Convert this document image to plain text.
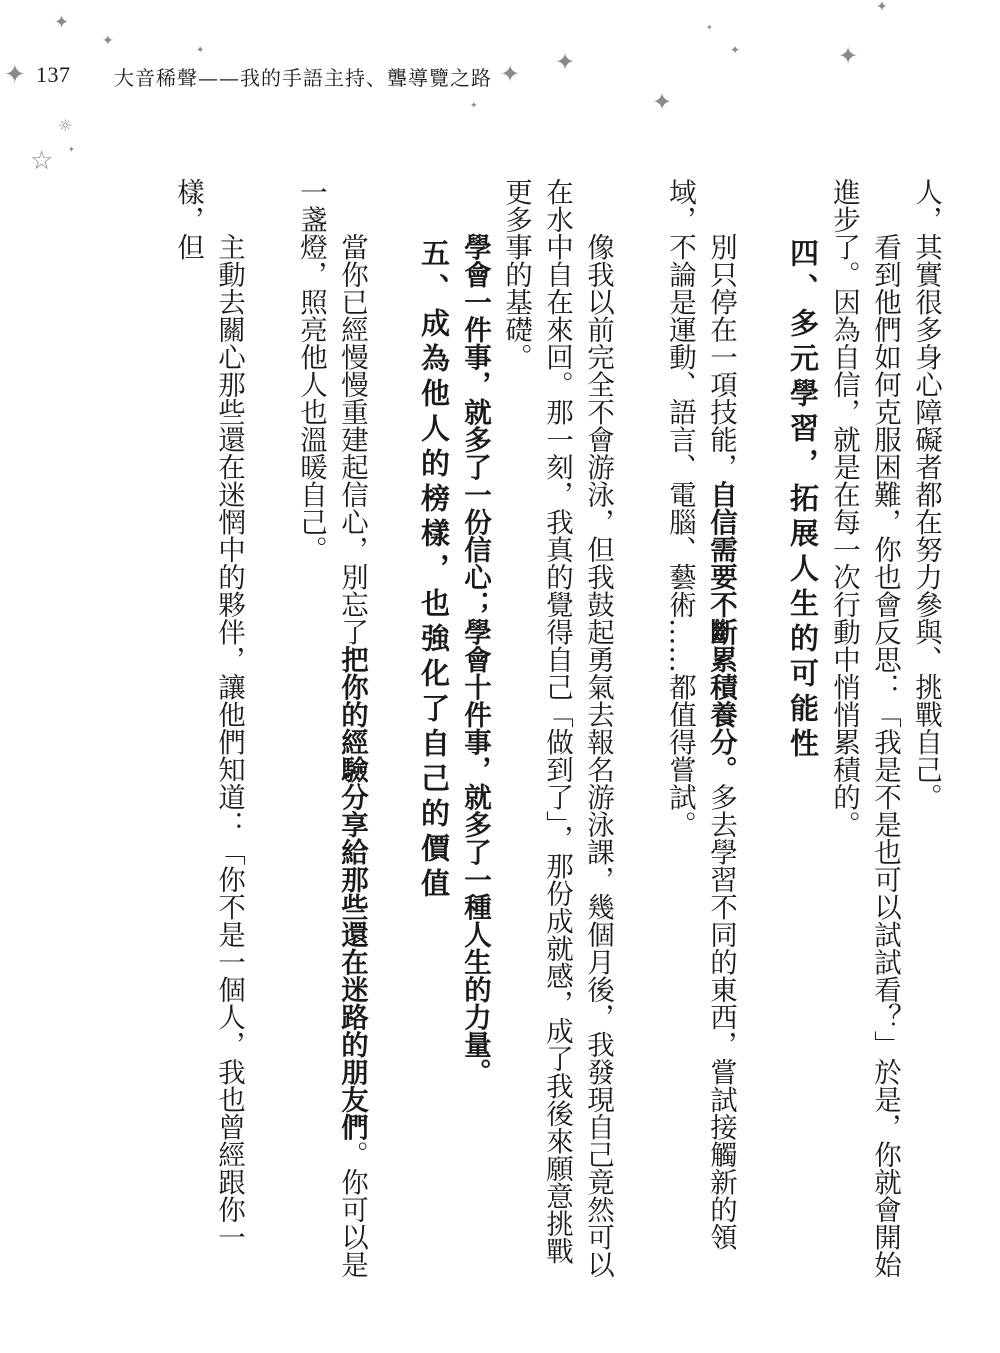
✦
✦
✦
☼
☆ ✦
✦
✦ ✦
✦
✦	✦
✦
✦
✦
137 大音稀聲——我的手語主持、聾導覽之路

人，其實很多身心障礙者都在努力參與、挑戰自己。

看到他們如何克服困難，你也會反思：「我是不是也可以試試看？」於是，你就會開始進步了。因為自信，就是在每一次行動中悄悄累積的。

四、多元學習，拓展人生的可能性

別只停在一項技能，自信需要不斷累積養分。多去學習不同的東西，嘗試接觸新的領域，不論是運動、語言、電腦、藝術……都值得嘗試。

像我以前完全不會游泳，但我鼓起勇氣去報名游泳課，幾個月後，我發現自己竟然可以在水中自在來回。那一刻，我真的覺得自己「做到了」，那份成就感，成了我後來願意挑戰更多事的基礎。

學會一件事，就多了一份信心；學會十件事，就多了一種人生的力量。

五、成為他人的榜樣，也強化了自己的價值

當你已經慢慢重建起信心，別忘了把你的經驗分享給那些還在迷路的朋友們。你可以是一盞燈，照亮他人也溫暖自己。

主動去關心那些還在迷惘中的夥伴，讓他們知道：「你不是一個人，我也曾經跟你一樣，但
